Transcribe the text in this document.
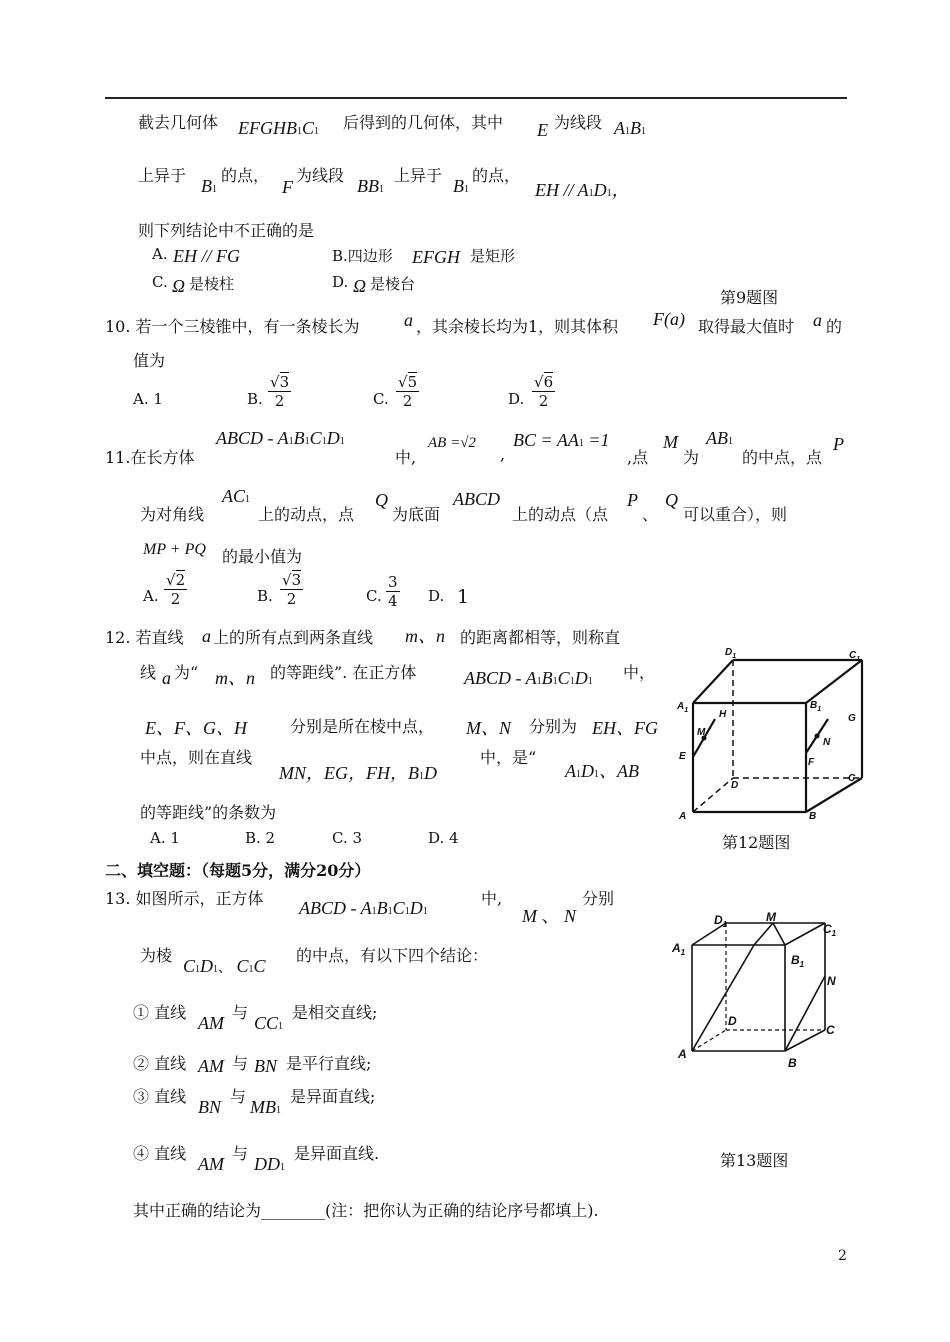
截去几何体 EFGHB1C1 后得到的几何体，其中 E 为线段 A1B1
上异于
B1
的点，
F
为线段
BB1
上异于
B1
的点，
EH // A1D1，
则下列结论中不正确的是
A. EH // FG	B.四边形 EFGH 是矩形
C. Ω 是棱柱	D. Ω 是棱台
第9题图
10. 若一个三棱锥中，有一条棱长为 a ，其余棱长均为1，则其体积 F(a) 取得最大值时 a 的
值为
A. 1	B. $\frac{√3}{2}$	C. $\frac{√5}{2}$	D. $\frac{√6}{2}$
11.在长方体
ABCD - A1B1C1D1
中,
AB =√2
,
BC = AA1 =1
,点
M
为
AB1
的中点，点
P
为对角线
AC1
上的动点，点
Q
为底面
ABCD
上的动点（点
P
、
Q
可以重合），则
MP + PQ 的最小值为
A. $\frac{√2}{2}$	B. $\frac{√3}{2}$	C. $\frac{3}{4} D$. 1
12. 若直线 a 上的所有点到两条直线 m、n 的距离都相等，则称直
线 a 为“ m、n 的等距线”. 在正方体	ABCD - A1B1C1D1 中，
E、F、G、H	分别是所在棱中点， M、N 分别为 EH、FG
中点，则在直线
MN，EG，FH，B1D
中，是“
A1D1、AB
的等距线”的条数为
A. 1	B. 2	C. 3	D. 4
$D_1$	$C_1$
$A_1$	$B_1$
H	G
M
N
E
F
D
C
A	B
第12题图
二、填空题：（每题5分，满分20分）
13. 如图所示，正方体 ABCD - A1B1C1D1
中,
M 、 N
分别
为棱
C1D1、 C1C
的中点，有以下四个结论：
① 直线
AM
与
CC1
是相交直线;
② 直线 AM 与 BN 是平行直线;
③ 直线
BN
与
MB1
是异面直线;
④ 直线
AM
与
DD1
是异面直线.
其中正确的结论为________(注：把你认为正确的结论序号都填上).
$D_1$
M
$C_1$
$A_1$
$B_1$
N
D
C
A
B
第13题图
2
